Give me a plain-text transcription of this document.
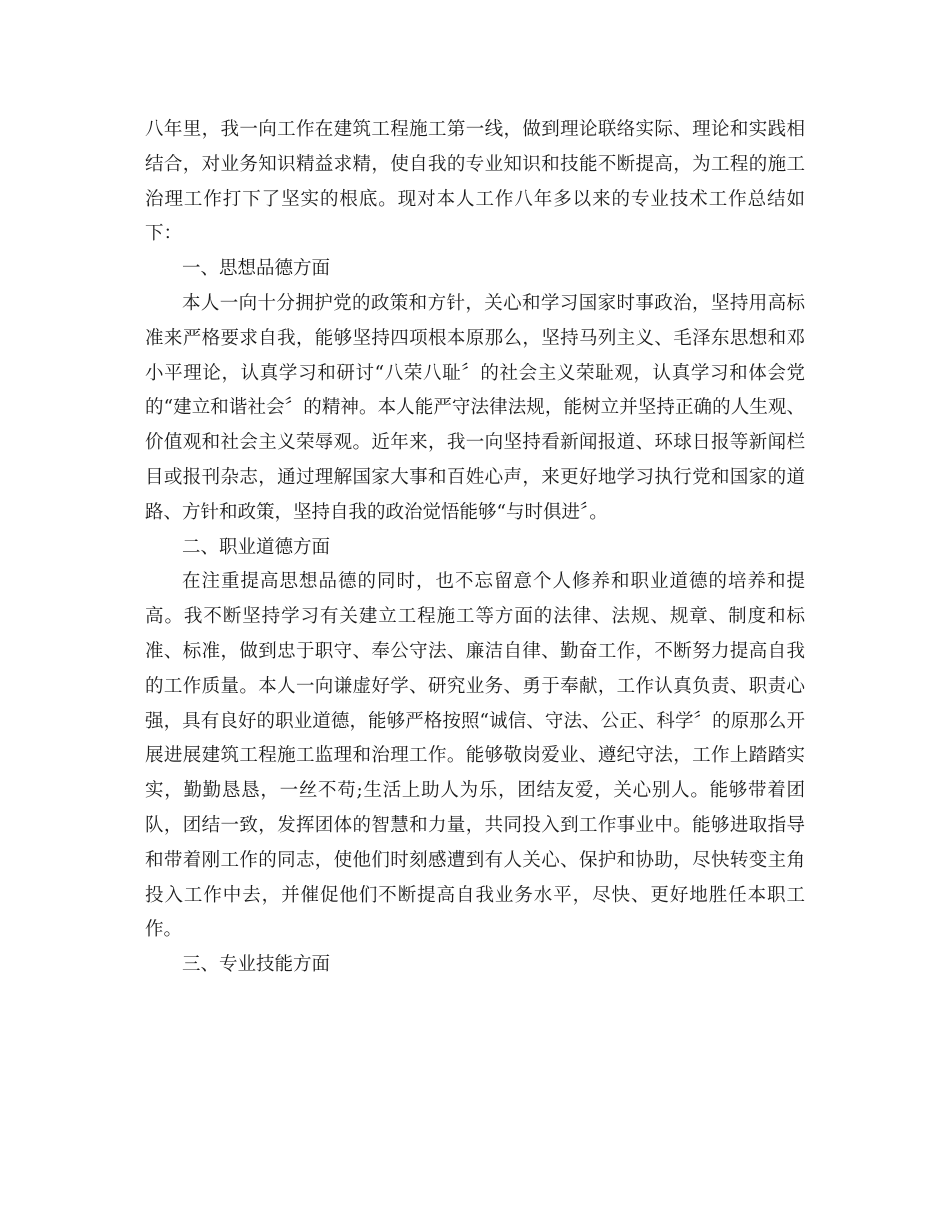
八年里，我一向工作在建筑工程施工第一线，做到理论联络实际、理论和实践相结合，对业务知识精益求精，使自我的专业知识和技能不断提高，为工程的施工治理工作打下了坚实的根底。现对本人工作八年多以来的专业技术工作总结如下：

一、思想品德方面

本人一向十分拥护党的政策和方针，关心和学习国家时事政治，坚持用高标准来严格要求自我，能够坚持四项根本原那么，坚持马列主义、毛泽东思想和邓小平理论，认真学习和研讨“八荣八耻〞的社会主义荣耻观，认真学习和体会党的“建立和谐社会〞的精神。本人能严守法律法规，能树立并坚持正确的人生观、价值观和社会主义荣辱观。近年来，我一向坚持看新闻报道、环球日报等新闻栏目或报刊杂志，通过理解国家大事和百姓心声，来更好地学习执行党和国家的道路、方针和政策，坚持自我的政治觉悟能够“与时俱进〞。

二、职业道德方面

在注重提高思想品德的同时，也不忘留意个人修养和职业道德的培养和提高。我不断坚持学习有关建立工程施工等方面的法律、法规、规章、制度和标准、标准，做到忠于职守、奉公守法、廉洁自律、勤奋工作，不断努力提高自我的工作质量。本人一向谦虚好学、研究业务、勇于奉献，工作认真负责、职责心强，具有良好的职业道德，能够严格按照“诚信、守法、公正、科学〞的原那么开展进展建筑工程施工监理和治理工作。能够敬岗爱业、遵纪守法，工作上踏踏实实，勤勤恳恳，一丝不苟;生活上助人为乐，团结友爱，关心别人。能够带着团队，团结一致，发挥团体的智慧和力量，共同投入到工作事业中。能够进取指导和带着刚工作的同志，使他们时刻感遭到有人关心、保护和协助，尽快转变主角投入工作中去，并催促他们不断提高自我业务水平，尽快、更好地胜任本职工作。

三、专业技能方面
